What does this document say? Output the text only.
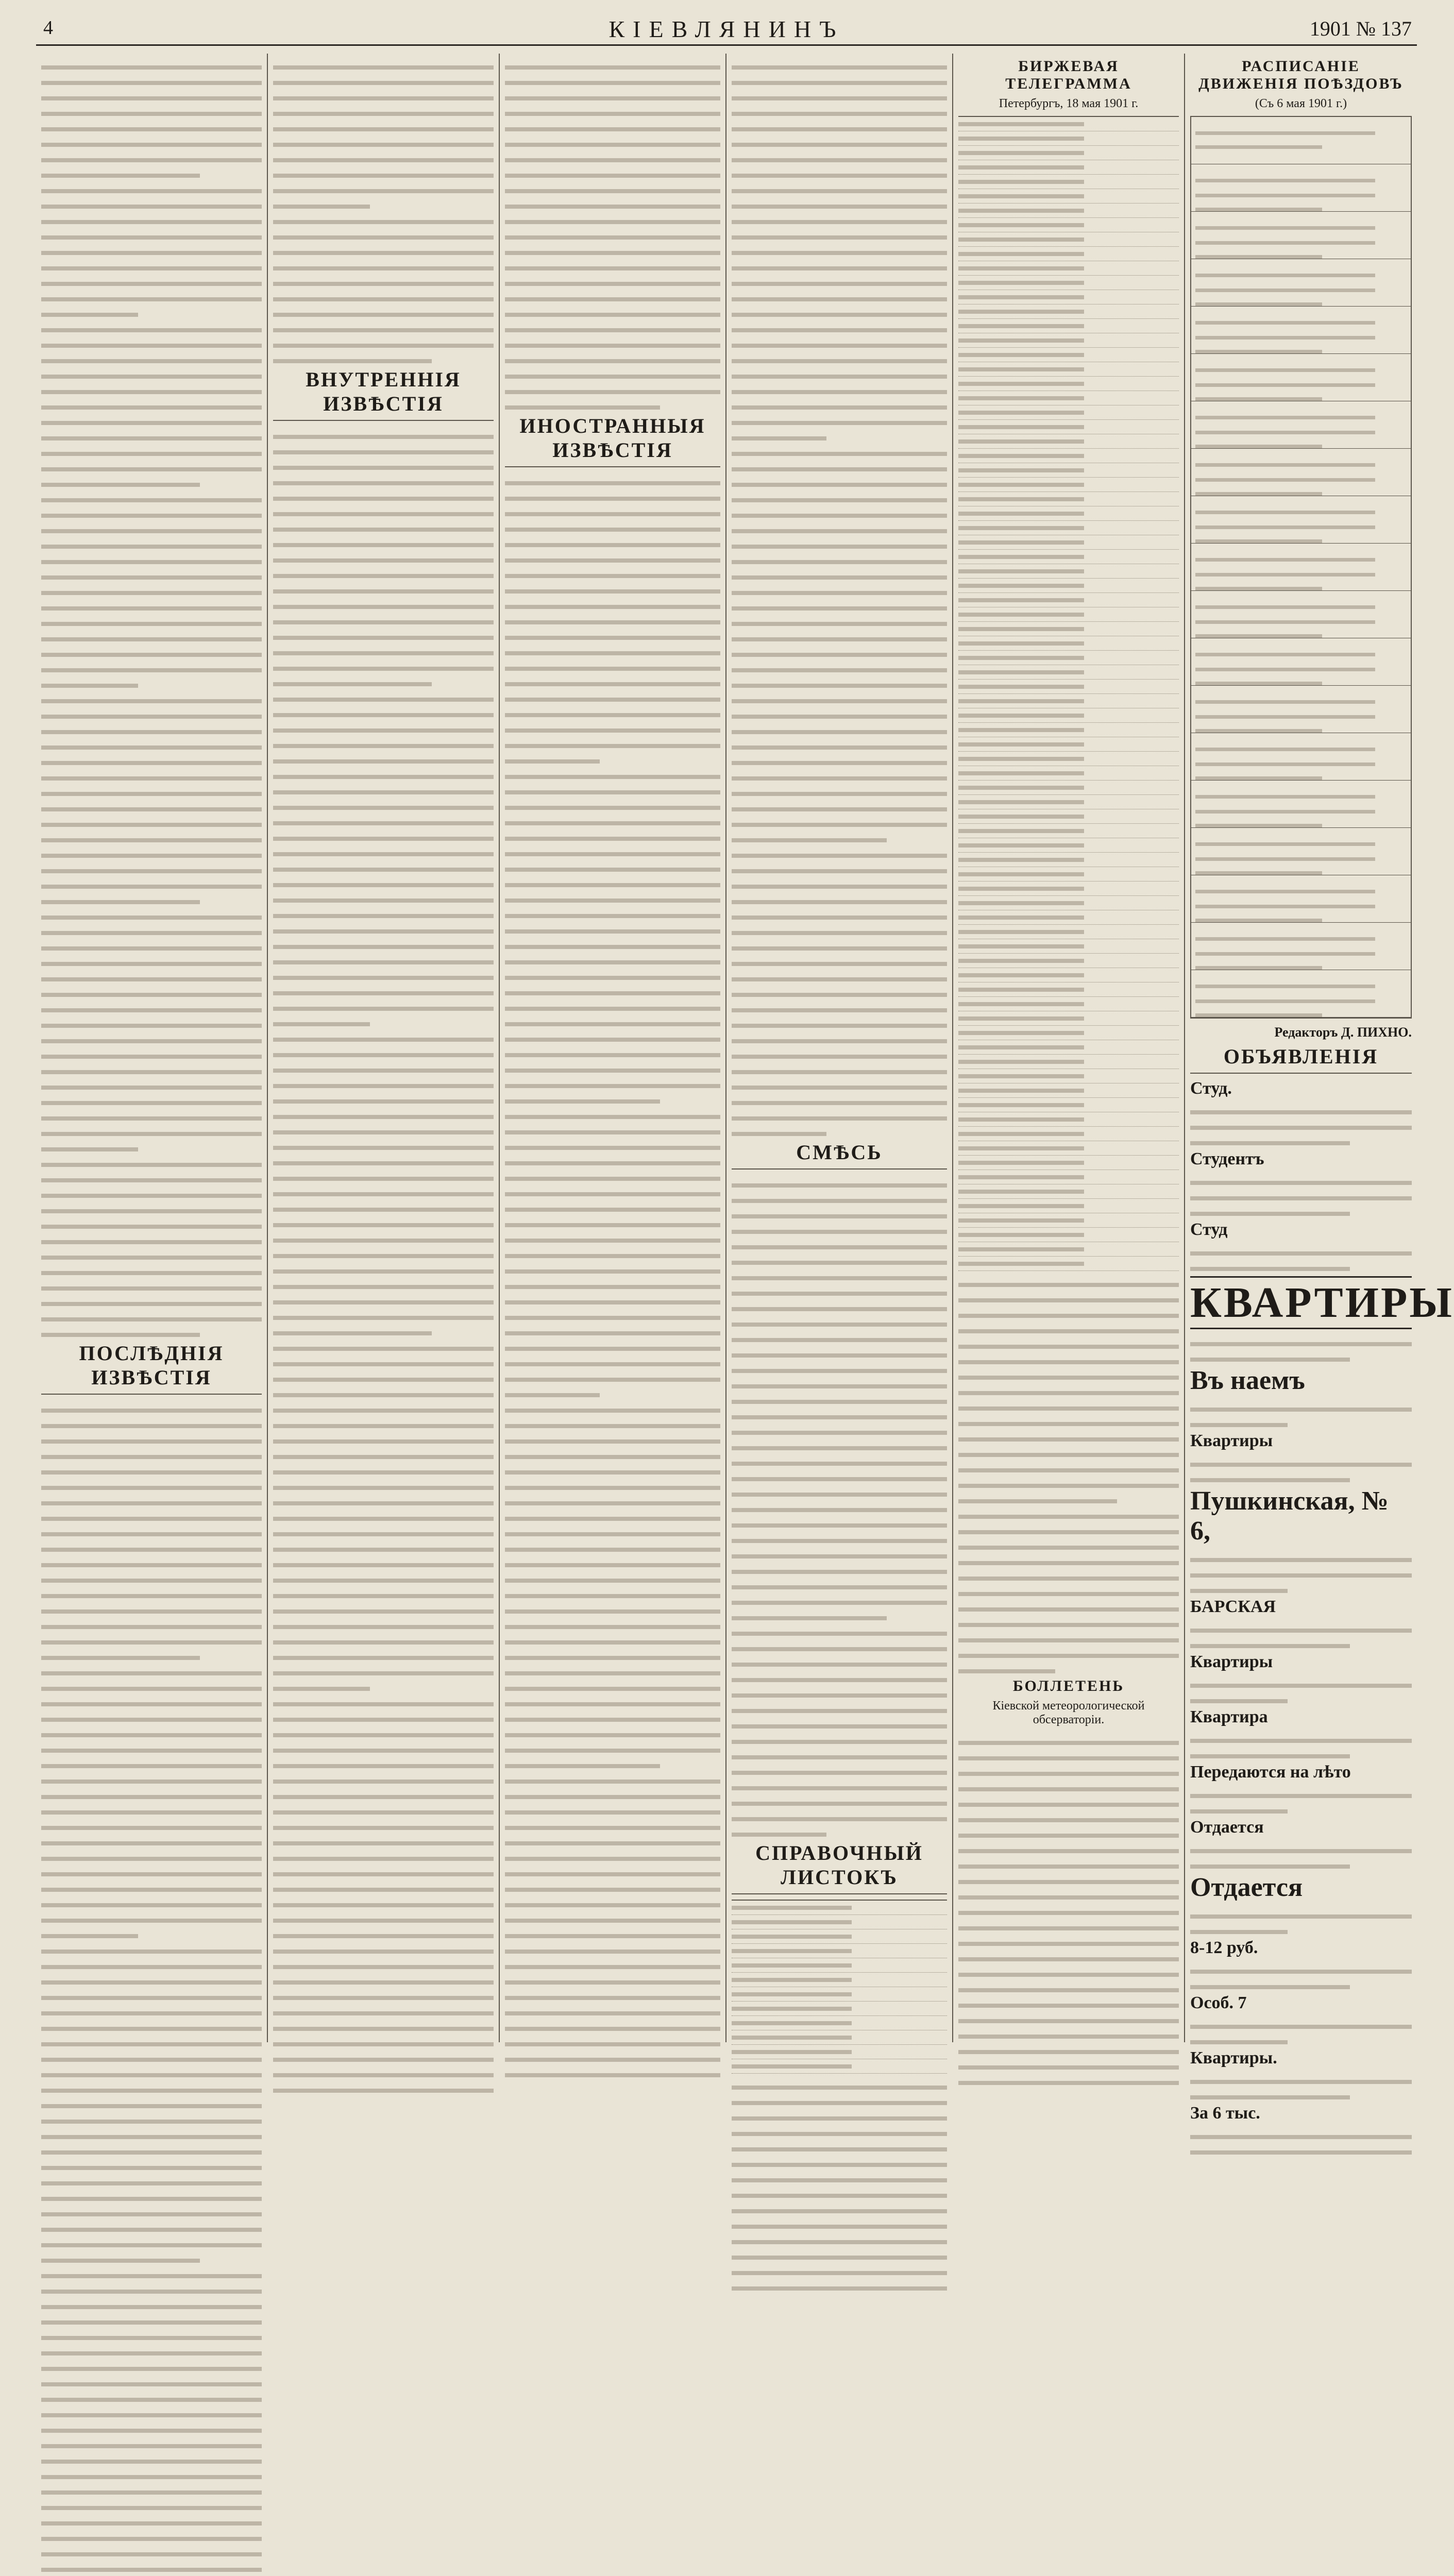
4	КІЕВЛЯНИНЪ	1901 № 137
ПОСЛѢДНІЯ ИЗВѢСТІЯ
ВНУТРЕННІЯ ИЗВѢСТІЯ
ИНОСТРАННЫЯ ИЗВѢСТІЯ
СМѢСЬ
СПРАВОЧНЫЙ ЛИСТОКЪ
БИРЖЕВАЯ ТЕЛЕГРАММА
Петербургъ, 18 мая 1901 г.
БОЛЛЕТЕНЬ
Кіевской метеорологической обсерваторіи.
РАСПИСАНІЕ ДВИЖЕНІЯ ПОѢЗДОВЪ
(Съ 6 мая 1901 г.)
Редакторъ Д. ПИХНО.
ОБЪЯВЛЕНІЯ
Студ.
Студентъ
Студ
КВАРТИРЫ
Въ наемъ
Квартиры
Пушкинская, № 6,
БАРСКАЯ
Квартиры
Квартира
Передаются на лѣто
Отдается
Отдается
8-12 руб.
Особ. 7
Квартиры.
За 6 тыс.
